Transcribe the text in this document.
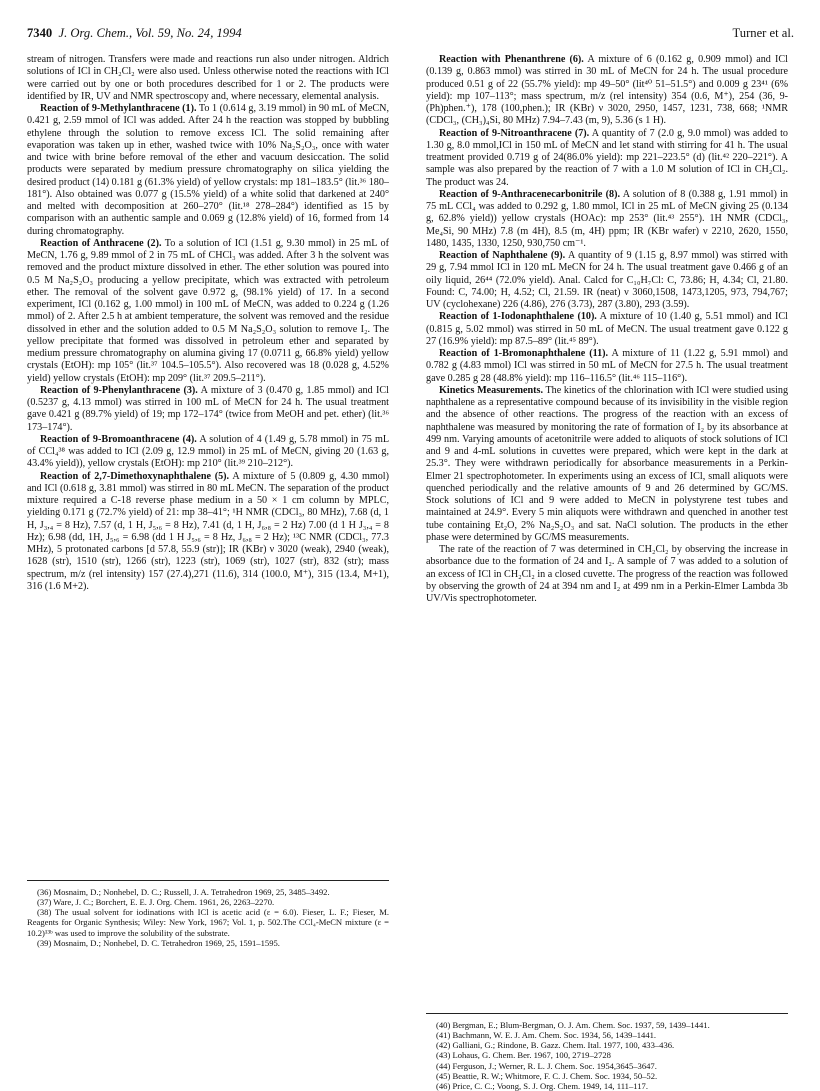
7340 J. Org. Chem., Vol. 59, No. 24, 1994	Turner et al.

stream of nitrogen. Transfers were made and reactions run also under nitrogen. Aldrich solutions of ICl in CH₂Cl₂ were also used. Unless otherwise noted the reactions with ICl were carried out by one or both procedures described for 1 or 2. The products were identified by IR, UV and NMR spectroscopy and, where necessary, elemental analysis.

Reaction of 9-Methylanthracene (1). To 1 (0.614 g, 3.19 mmol) in 90 mL of MeCN, 0.421 g, 2.59 mmol of ICl was added. After 24 h the reaction was stopped by bubbling ethylene through the solution to remove excess ICl. The solid remaining after evaporation was taken up in ether, washed twice with 10% Na₂S₂O₃, once with water and twice with brine before removal of the ether and vacuum desiccation. The solid products were separated by medium pressure chromatography on silica yielding the desired product (14) 0.181 g (61.3% yield) of yellow crystals: mp 181–183.5° (lit.³⁶ 180–181°). Also obtained was 0.077 g (15.5% yield) of a white solid that darkened at 240° and melted with decomposition at 260–270° (lit.¹⁸ 278–284°) identified as 15 by comparison with an authentic sample and 0.069 g (12.8% yield) of 16, formed from 14 during chromatography.

Reaction of Anthracene (2). To a solution of ICl (1.51 g, 9.30 mmol) in 25 mL of MeCN, 1.76 g, 9.89 mmol of 2 in 75 mL of CHCl₃ was added. After 3 h the solvent was removed and the product mixture dissolved in ether. The ether solution was poured into 0.5 M Na₂S₂O₃ producing a yellow precipitate, which was extracted with petroleum ether. The removal of the solvent gave 0.972 g, (98.1% yield) of 17. In a second experiment, ICl (0.162 g, 1.00 mmol) in 100 mL of MeCN, was added to 0.224 g (1.26 mmol) of 2. After 2.5 h at ambient temperature, the solvent was removed and the residue dissolved in ether and the solution added to 0.5 M Na₂S₂O₃ solution to remove I₂. The yellow precipitate that formed was dissolved in petroleum ether and separated by medium pressure chromatography on alumina giving 17 (0.0711 g, 66.8% yield) yellow crystals (EtOH): mp 105° (lit.³⁷ 104.5–105.5°). Also recovered was 18 (0.028 g, 4.52% yield) yellow crystals (EtOH): mp 209° (lit.³⁷ 209.5–211°).

Reaction of 9-Phenylanthracene (3). A mixture of 3 (0.470 g, 1.85 mmol) and ICl (0.5237 g, 4.13 mmol) was stirred in 100 mL of MeCN for 24 h. The usual treatment gave 0.421 g (89.7% yield) of 19; mp 172–174° (twice from MeOH and pet. ether) (lit.³⁶ 173–174°).

Reaction of 9-Bromoanthracene (4). A solution of 4 (1.49 g, 5.78 mmol) in 75 mL of CCl₄³⁸ was added to ICl (2.09 g, 12.9 mmol) in 25 mL of MeCN, giving 20 (1.63 g, 43.4% yield)), yellow crystals (EtOH): mp 210° (lit.³⁹ 210–212°).

Reaction of 2,7-Dimethoxynaphthalene (5). A mixture of 5 (0.809 g, 4.30 mmol) and ICl (0.618 g, 3.81 mmol) was stirred in 80 mL MeCN. The separation of the product mixture required a C-18 reverse phase medium in a 50 × 1 cm column by MPLC, yielding 0.171 g (72.7% yield) of 21: mp 38–41°; ¹H NMR (CDCl₃, 80 MHz), 7.68 (d, 1 H, J₃,₄ = 8 Hz), 7.57 (d, 1 H, J₅,₆ = 8 Hz), 7.41 (d, 1 H, J₆,₈ = 2 Hz) 7.00 (d 1 H J₃,₄ = 8 Hz); 6.98 (dd, 1H, J₅,₆ = 6.98 (dd 1 H J₅,₆ = 8 Hz, J₆,₈ = 2 Hz); ¹³C NMR (CDCl₃, 77.3 MHz), 5 protonated carbons [d 57.8, 55.9 (str)]; IR (KBr) ν 3020 (weak), 2940 (weak), 1628 (str), 1510 (str), 1266 (str), 1223 (str), 1069 (str), 1027 (str), 832 (str); mass spectrum, m/z (rel intensity) 157 (27.4),271 (11.6), 314 (100.0, M⁺), 315 (13.4, M+1), 316 (1.6 M+2).

(36) Mosnaim, D.; Nonhebel, D. C.; Russell, J. A. Tetrahedron 1969, 25, 3485–3492.

(37) Ware, J. C.; Borchert, E. E. J. Org. Chem. 1961, 26, 2263–2270.

(38) The usual solvent for iodinations with ICl is acetic acid (ε = 6.0). Fieser, L. F.; Fieser, M. Reagents for Organic Synthesis; Wiley: New York, 1967; Vol. 1, p. 502.The CCl₄-MeCN mixture (ε = 10.2)¹³ᵇ was used to improve the solubility of the substrate.

(39) Mosnaim, D.; Nonhebel, D. C. Tetrahedron 1969, 25, 1591–1595.

Reaction with Phenanthrene (6). A mixture of 6 (0.162 g, 0.909 mmol) and ICl (0.139 g, 0.863 mmol) was stirred in 30 mL of MeCN for 24 h. The usual procedure produced 0.51 g of 22 (55.7% yield): mp 49–50° (lit⁴⁰ 51–51.5°) and 0.009 g 23⁴¹ (6% yield): mp 107–113°; mass spectrum, m/z (rel intensity) 354 (0.6, M⁺), 254 (36, 9-(Ph)phen.⁺), 178 (100,phen.); IR (KBr) ν 3020, 2950, 1457, 1231, 738, 668; ¹NMR (CDCl₃, (CH₃)₄Si, 80 MHz) 7.94–7.43 (m, 9), 5.36 (s 1 H).

Reaction of 9-Nitroanthracene (7). A quantity of 7 (2.0 g, 9.0 mmol) was added to 1.30 g, 8.0 mmol,ICl in 150 mL of MeCN and let stand with stirring for 41 h. The usual treatment provided 0.719 g of 24(86.0% yield): mp 221–223.5° (d) (lit.⁴² 220–221°). A sample was also prepared by the reaction of 7 with a 1.0 M solution of ICl in CH₂Cl₂. The product was 24.

Reaction of 9-Anthracenecarbonitrile (8). A solution of 8 (0.388 g, 1.91 mmol) in 75 mL CCl₄ was added to 0.292 g, 1.80 mmol, ICl in 25 mL of MeCN giving 25 (0.134 g, 62.8% yield)) yellow crystals (HOAc): mp 253° (lit.⁴³ 255°). 1H NMR (CDCl₃, Me₄Si, 90 MHz) 7.8 (m 4H), 8.5 (m, 4H) ppm; IR (KBr wafer) ν 2210, 2620, 1550, 1480, 1435, 1330, 1250, 930,750 cm⁻¹.

Reaction of Naphthalene (9). A quantity of 9 (1.15 g, 8.97 mmol) was stirred with 29 g, 7.94 mmol ICl in 120 mL MeCN for 24 h. The usual treatment gave 0.466 g of an oily liquid, 26⁴⁴ (72.0% yield). Anal. Calcd for C₁₀H₇Cl: C, 73.86; H, 4.34; Cl, 21.80. Found: C, 74.00; H, 4.52; Cl, 21.59. IR (neat) ν 3060,1508, 1473,1205, 973, 794,767; UV (cyclohexane) 226 (4.86), 276 (3.73), 287 (3.80), 293 (3.59).

Reaction of 1-Iodonaphthalene (10). A mixture of 10 (1.40 g, 5.51 mmol) and ICl (0.815 g, 5.02 mmol) was stirred in 50 mL of MeCN. The usual treatment gave 0.122 g 27 (16.9% yield): mp 87.5–89° (lit.⁴⁵ 89°).

Reaction of 1-Bromonaphthalene (11). A mixture of 11 (1.22 g, 5.91 mmol) and 0.782 g (4.83 mmol) ICl was stirred in 50 mL of MeCN for 27.5 h. The usual treatment gave 0.285 g 28 (48.8% yield): mp 116–116.5° (lit.⁴⁶ 115–116°).

Kinetics Measurements. The kinetics of the chlorination with ICl were studied using naphthalene as a representative compound because of its invisibility in the visible region and the absence of other reactions. The progress of the reaction with an excess of naphthalene was measured by monitoring the rate of formation of I₂ by its absorbance at 499 nm. Varying amounts of acetonitrile were added to aliquots of stock solutions of ICl and 9 and 4-mL solutions in cuvettes were prepared, which were kept in the dark at 25.3°. They were withdrawn periodically for absorbance measurements in a Perkin-Elmer 21 spectrophotometer. In experiments using an excess of ICl, small aliquots were quenched periodically and the relative amounts of 9 and 26 determined by GC/MS. Stock solutions of ICl and 9 were added to MeCN in polystyrene test tubes and maintained at 24.9°. Every 5 min aliquots were withdrawn and quenched in another test tube containing Et₂O, 2% Na₂S₂O₃ and sat. NaCl solution. The products in the ether phase were determined by GC/MS measurements.

The rate of the reaction of 7 was determined in CH₂Cl₂ by observing the increase in absorbance due to the formation of 24 and I₂. A sample of 7 was added to a solution of an excess of ICl in CH₂Cl₂ in a closed cuvette. The progress of the reaction was followed by observing the growth of 24 at 394 nm and I₂ at 499 nm in a Perkin-Elmer Lambda 3b UV/Vis spectrophotometer.

(40) Bergman, E.; Blum-Bergman, O. J. Am. Chem. Soc. 1937, 59, 1439–1441.

(41) Bachmann, W. E. J. Am. Chem. Soc. 1934, 56, 1439–1441.

(42) Galliani, G.; Rindone, B. Gazz. Chem. Ital. 1977, 100, 433–436.

(43) Lohaus, G. Chem. Ber. 1967, 100, 2719–2728

(44) Ferguson, J.; Werner, R. L. J. Chem. Soc. 1954,3645–3647.

(45) Beattie, R. W.; Whitmore, F. C. J. Chem. Soc. 1934, 50–52.

(46) Price, C. C.; Voong, S. J. Org. Chem. 1949, 14, 111–117.
